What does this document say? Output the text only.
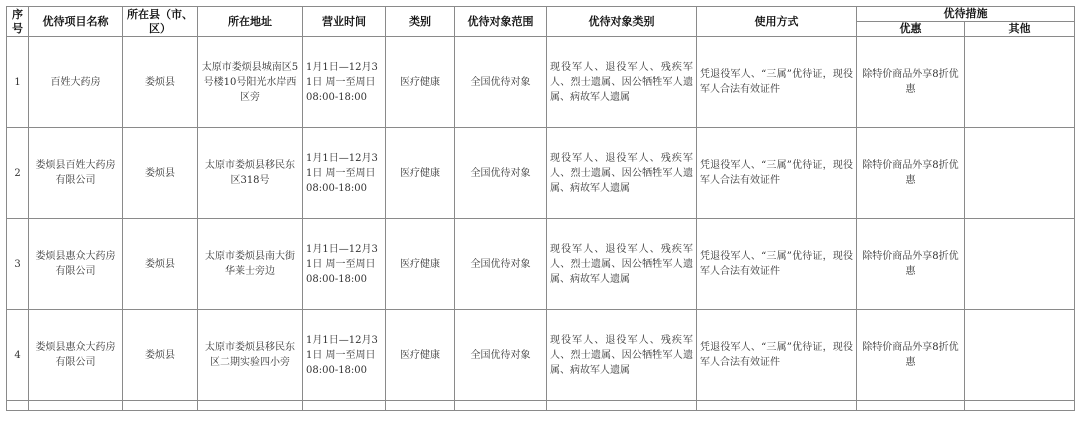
序号	优待项目名称	所在县（市、区）	所在地址	营业时间	类别	优待对象范围	优待对象类别	使用方式	优待措施	
									优惠	其他
1	百姓大药房	娄烦县	太原市娄烦县城南区5号楼10号阳光水岸西区旁	1月1日—12月31日 周一至周日 08:00-18:00	医疗健康	全国优待对象	现役军人、退役军人、残疾军人、烈士遗属、因公牺牲军人遗属、病故军人遗属	凭退役军人、“三属”优待证，现役军人合法有效证件	除特价商品外享8折优惠	
2	娄烦县百姓大药房有限公司	娄烦县	太原市娄烦县移民东区318号	1月1日—12月31日 周一至周日 08:00-18:00	医疗健康	全国优待对象	现役军人、退役军人、残疾军人、烈士遗属、因公牺牲军人遗属、病故军人遗属	凭退役军人、“三属”优待证，现役军人合法有效证件	除特价商品外享8折优惠	
3	娄烦县惠众大药房有限公司	娄烦县	太原市娄烦县南大街华莱士旁边	1月1日—12月31日 周一至周日 08:00-18:00	医疗健康	全国优待对象	现役军人、退役军人、残疾军人、烈士遗属、因公牺牲军人遗属、病故军人遗属	凭退役军人、“三属”优待证，现役军人合法有效证件	除特价商品外享8折优惠	
4	娄烦县惠众大药房有限公司	娄烦县	太原市娄烦县移民东区二期实验四小旁	1月1日—12月31日 周一至周日 08:00-18:00	医疗健康	全国优待对象	现役军人、退役军人、残疾军人、烈士遗属、因公牺牲军人遗属、病故军人遗属	凭退役军人、“三属”优待证，现役军人合法有效证件	除特价商品外享8折优惠	
